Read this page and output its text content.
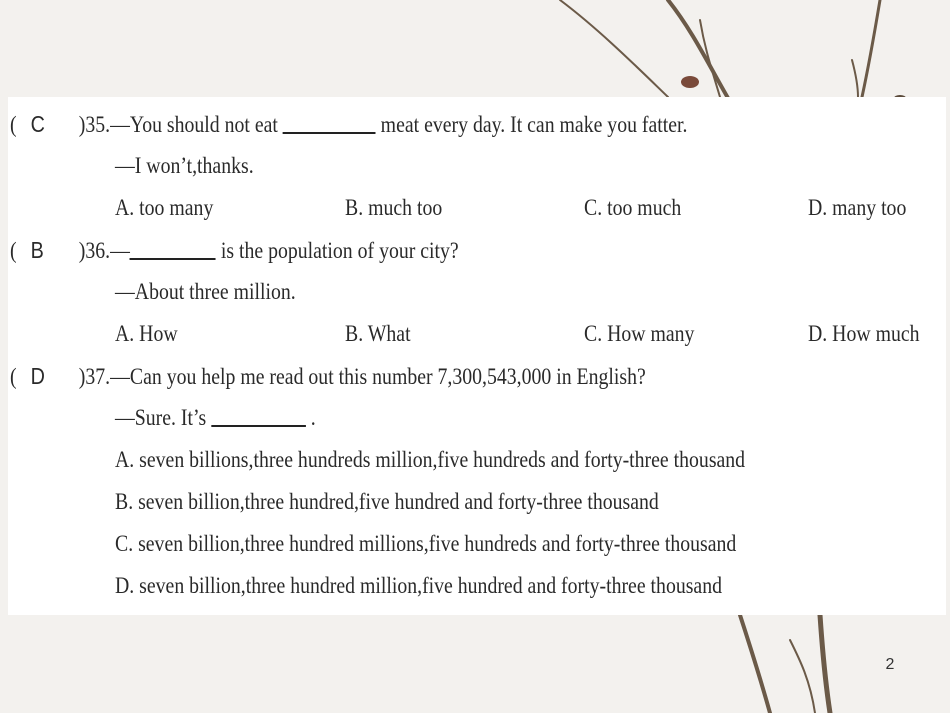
( C )35.—You should not eat	meat every day. It can make you fatter.
—I won’t,thanks.
A. too many	B. much too	C. too much	D. many too
( B )36.—	is the population of your city?
—About three million.
A. How	B. What	C. How many	D. How much
( D )37.—Can you help me read out this number 7,300,543,000 in English?
—Sure. It’s	.
A. seven billions,three hundreds million,five hundreds and forty-three thousand
B. seven billion,three hundred,five hundred and forty-three thousand
C. seven billion,three hundred millions,five hundreds and forty-three thousand
D. seven billion,three hundred million,five hundred and forty-three thousand
2
